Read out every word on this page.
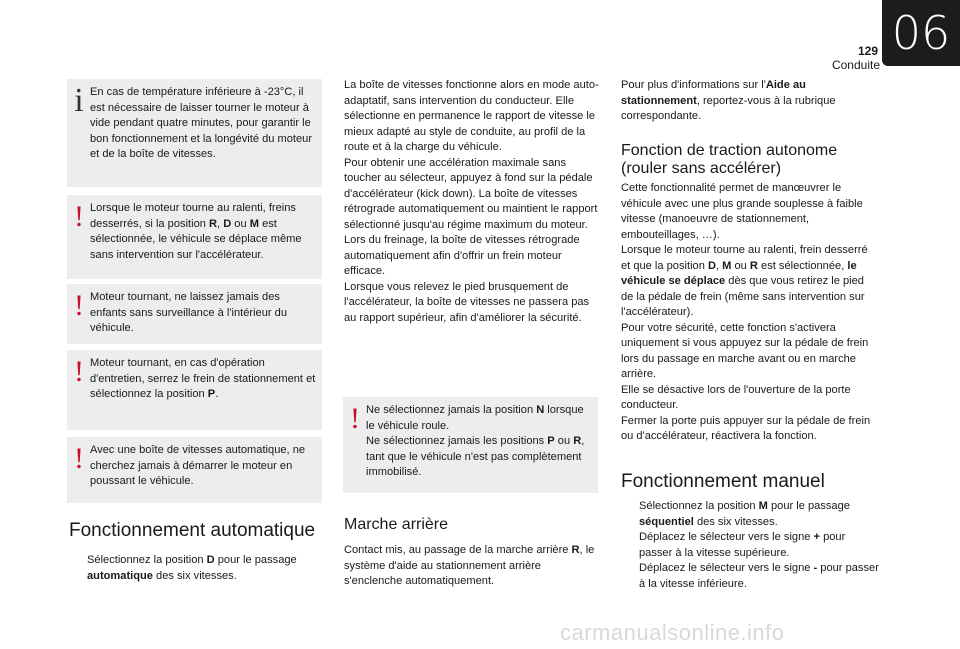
06
129
Conduite
i En cas de température inférieure à -23°C, il est nécessaire de laisser tourner le moteur à vide pendant quatre minutes, pour garantir le bon fonctionnement et la longévité du moteur et de la boîte de vitesses.

! Lorsque le moteur tourne au ralenti, freins desserrés, si la position R, D ou M est sélectionnée, le véhicule se déplace même sans intervention sur l'accélérateur.

! Moteur tournant, ne laissez jamais des enfants sans surveillance à l'intérieur du véhicule.

! Moteur tournant, en cas d'opération d'entretien, serrez le frein de stationnement et sélectionnez la position P.

! Avec une boîte de vitesses automatique, ne cherchez jamais à démarrer le moteur en poussant le véhicule.

Fonctionnement automatique
Sélectionnez la position D pour le passage automatique des six vitesses.
La boîte de vitesses fonctionne alors en mode auto-adaptatif, sans intervention du conducteur. Elle sélectionne en permanence le rapport de vitesse le mieux adapté au style de conduite, au profil de la route et à la charge du véhicule.
Pour obtenir une accélération maximale sans toucher au sélecteur, appuyez à fond sur la pédale d'accélérateur (kick down). La boîte de vitesses rétrograde automatiquement ou maintient le rapport sélectionné jusqu'au régime maximum du moteur.
Lors du freinage, la boîte de vitesses rétrograde automatiquement afin d'offrir un frein moteur efficace.
Lorsque vous relevez le pied brusquement de l'accélérateur, la boîte de vitesses ne passera pas au rapport supérieur, afin d'améliorer la sécurité.
! Ne sélectionnez jamais la position N lorsque le véhicule roule.
Ne sélectionnez jamais les positions P ou R, tant que le véhicule n'est pas complètement immobilisé.

Marche arrière
Contact mis, au passage de la marche arrière R, le système d'aide au stationnement arrière s'enclenche automatiquement.
Pour plus d'informations sur l'Aide au stationnement, reportez-vous à la rubrique correspondante.
Fonction de traction autonome (rouler sans accélérer)
Cette fonctionnalité permet de manœuvrer le véhicule avec une plus grande souplesse à faible vitesse (manoeuvre de stationnement, embouteillages, …).
Lorsque le moteur tourne au ralenti, frein desserré et que la position D, M ou R est sélectionnée, le véhicule se déplace dès que vous retirez le pied de la pédale de frein (même sans intervention sur l'accélérateur).
Pour votre sécurité, cette fonction s'activera uniquement si vous appuyez sur la pédale de frein lors du passage en marche avant ou en marche arrière.
Elle se désactive lors de l'ouverture de la porte conducteur.
Fermer la porte puis appuyer sur la pédale de frein ou d'accélérateur, réactivera la fonction.
Fonctionnement manuel
Sélectionnez la position M pour le passage séquentiel des six vitesses.
Déplacez le sélecteur vers le signe + pour passer à la vitesse supérieure.
Déplacez le sélecteur vers le signe - pour passer à la vitesse inférieure.
carmanualsonline.info
